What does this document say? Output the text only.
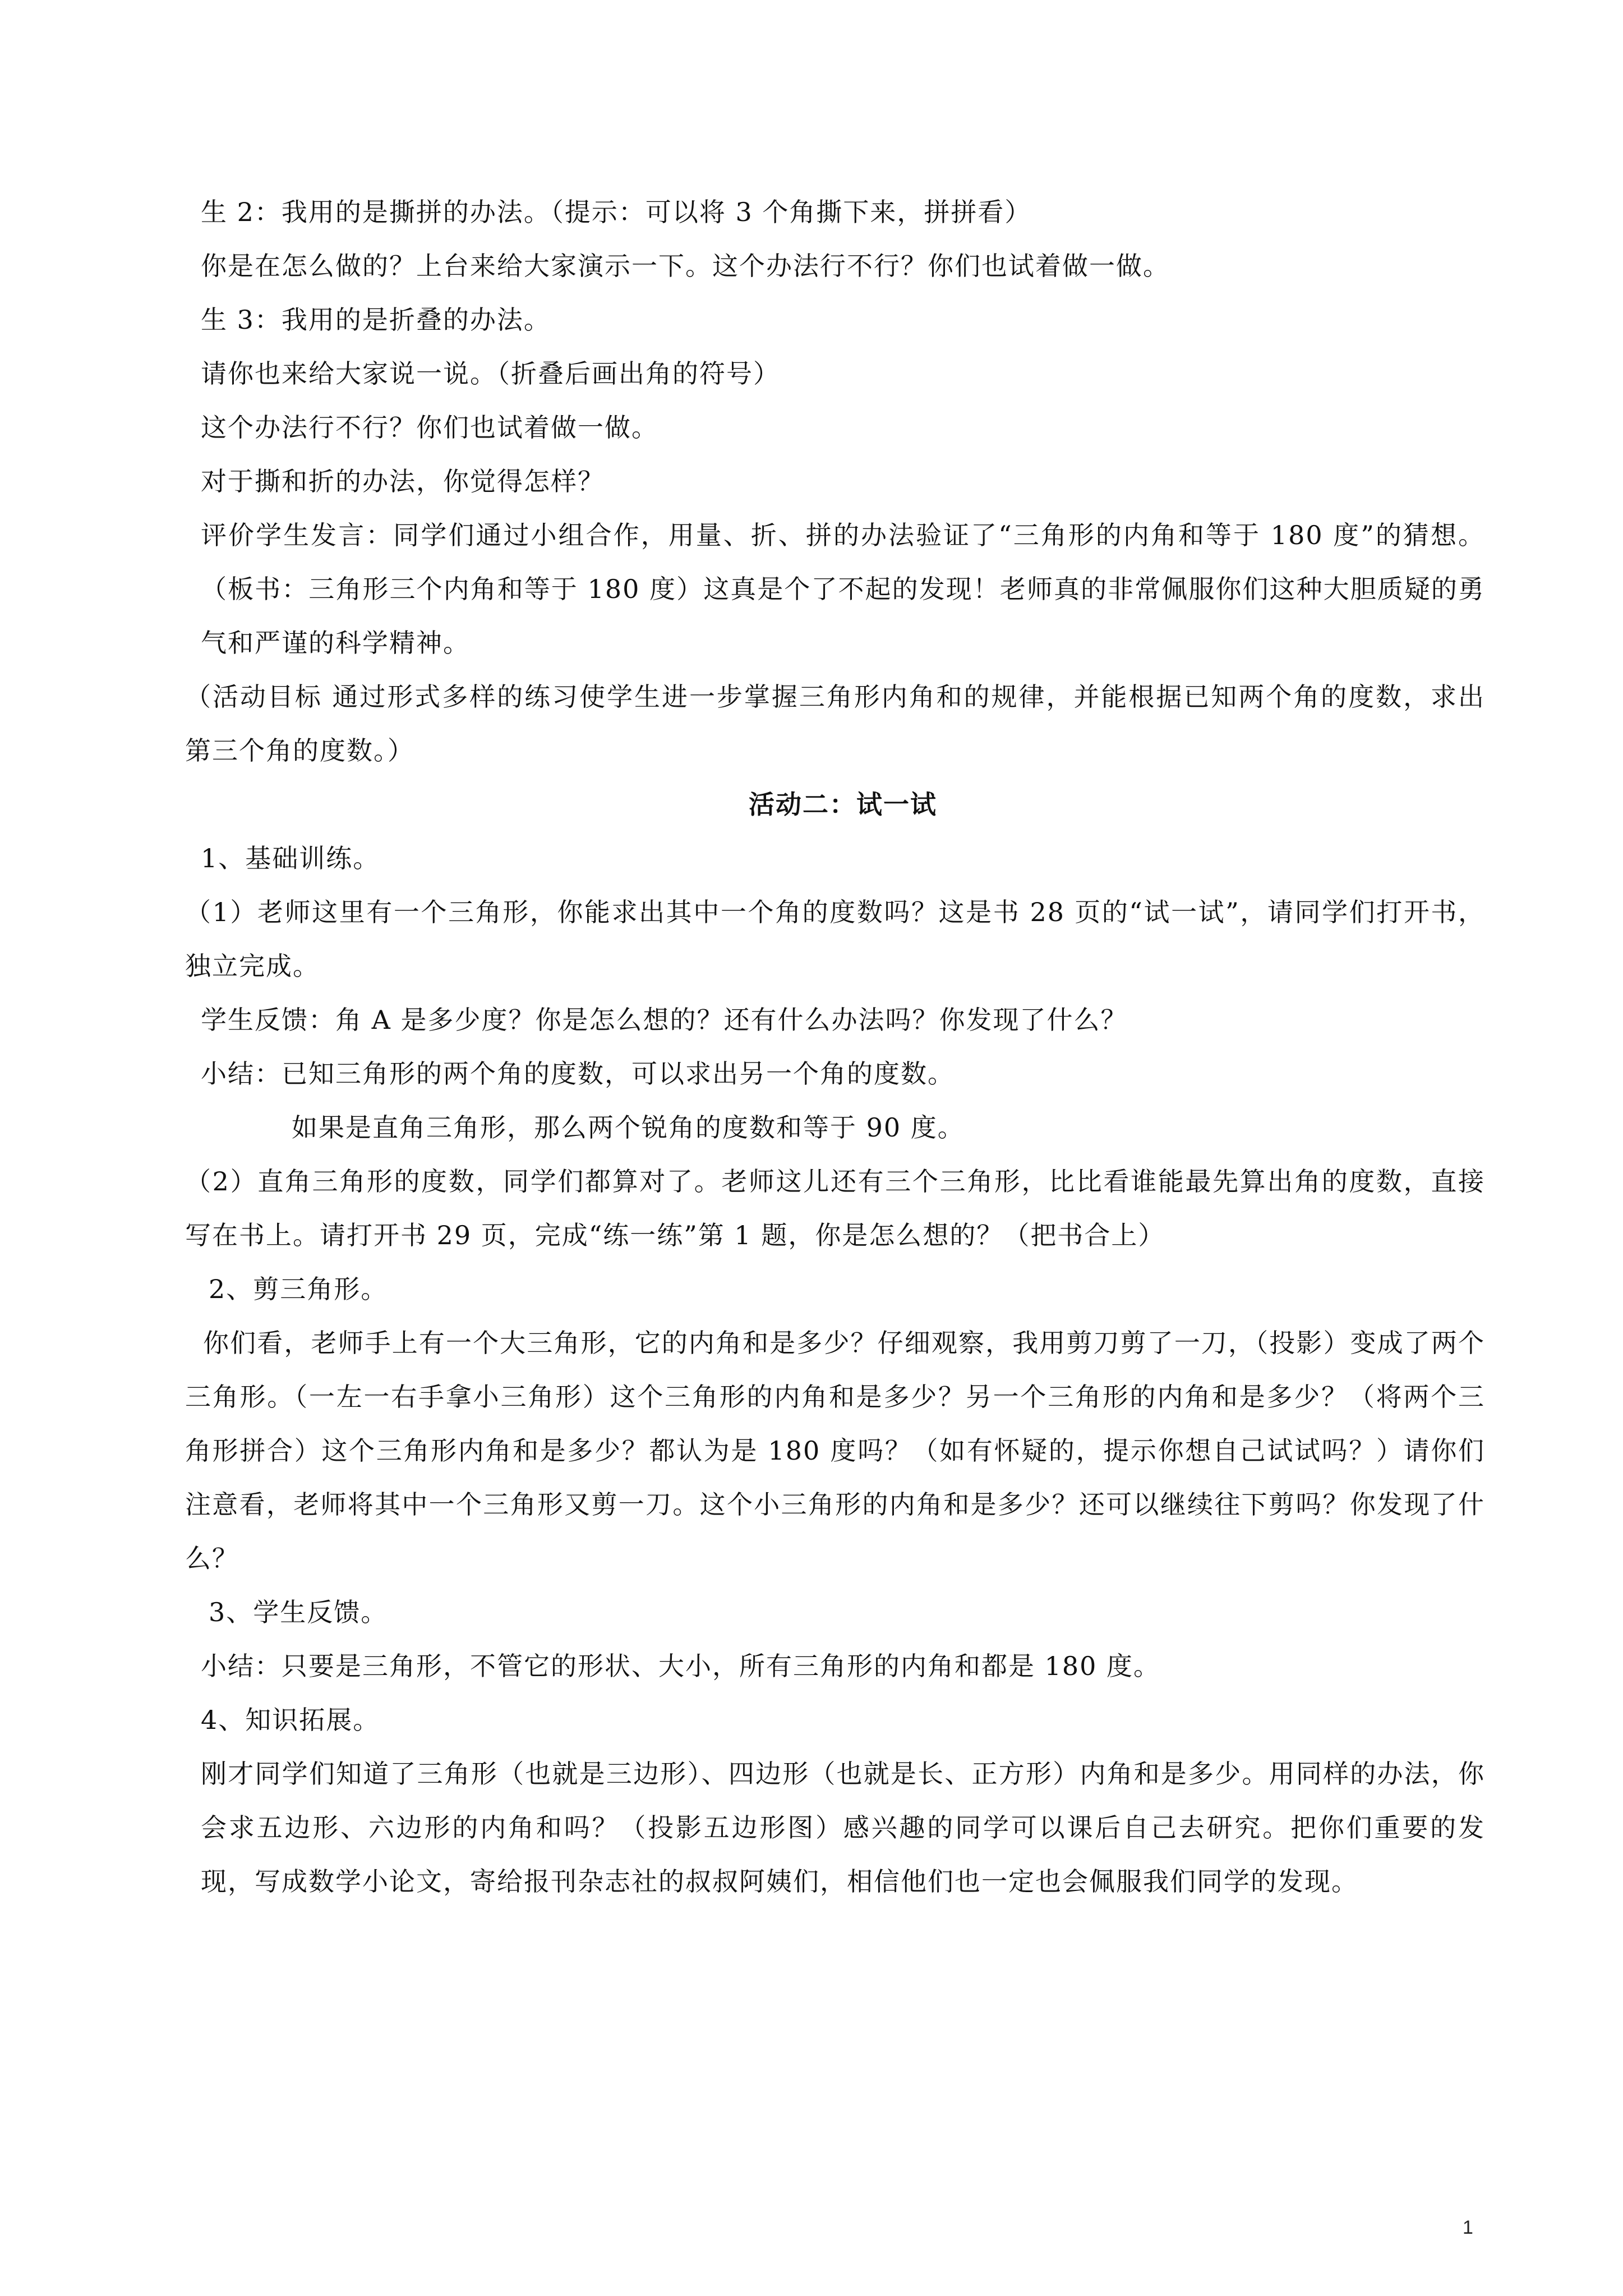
生 2：我用的是撕拼的办法。（提示：可以将 3 个角撕下来，拼拼看）
你是在怎么做的？上台来给大家演示一下。这个办法行不行？你们也试着做一做。
生 3：我用的是折叠的办法。
请你也来给大家说一说。（折叠后画出角的符号）
这个办法行不行？你们也试着做一做。
对于撕和折的办法，你觉得怎样？
评价学生发言：同学们通过小组合作，用量、折、拼的办法验证了“三角形的内角和等于 180 度”的猜想。（板书：三角形三个内角和等于 180 度）这真是个了不起的发现！老师真的非常佩服你们这种大胆质疑的勇气和严谨的科学精神。
（活动目标 通过形式多样的练习使学生进一步掌握三角形内角和的规律，并能根据已知两个角的度数，求出第三个角的度数。）
活动二：试一试
1、基础训练。
（1）老师这里有一个三角形，你能求出其中一个角的度数吗？这是书 28 页的“试一试”，请同学们打开书，独立完成。
学生反馈：角 A 是多少度？你是怎么想的？还有什么办法吗？你发现了什么？
小结：已知三角形的两个角的度数，可以求出另一个角的度数。
如果是直角三角形，那么两个锐角的度数和等于 90 度。
（2）直角三角形的度数，同学们都算对了。老师这儿还有三个三角形，比比看谁能最先算出角的度数，直接写在书上。请打开书 29 页，完成“练一练”第 1 题，你是怎么想的？（把书合上）
2、剪三角形。
你们看，老师手上有一个大三角形，它的内角和是多少？仔细观察，我用剪刀剪了一刀，（投影）变成了两个三角形。（一左一右手拿小三角形）这个三角形的内角和是多少？另一个三角形的内角和是多少？（将两个三角形拼合）这个三角形内角和是多少？都认为是 180 度吗？（如有怀疑的，提示你想自己试试吗？）请你们注意看，老师将其中一个三角形又剪一刀。这个小三角形的内角和是多少？还可以继续往下剪吗？你发现了什么？
3、学生反馈。
小结：只要是三角形，不管它的形状、大小，所有三角形的内角和都是 180 度。
4、知识拓展。
刚才同学们知道了三角形（也就是三边形）、四边形（也就是长、正方形）内角和是多少。用同样的办法，你会求五边形、六边形的内角和吗？（投影五边形图）感兴趣的同学可以课后自己去研究。把你们重要的发现，写成数学小论文，寄给报刊杂志社的叔叔阿姨们，相信他们也一定也会佩服我们同学的发现。
1
